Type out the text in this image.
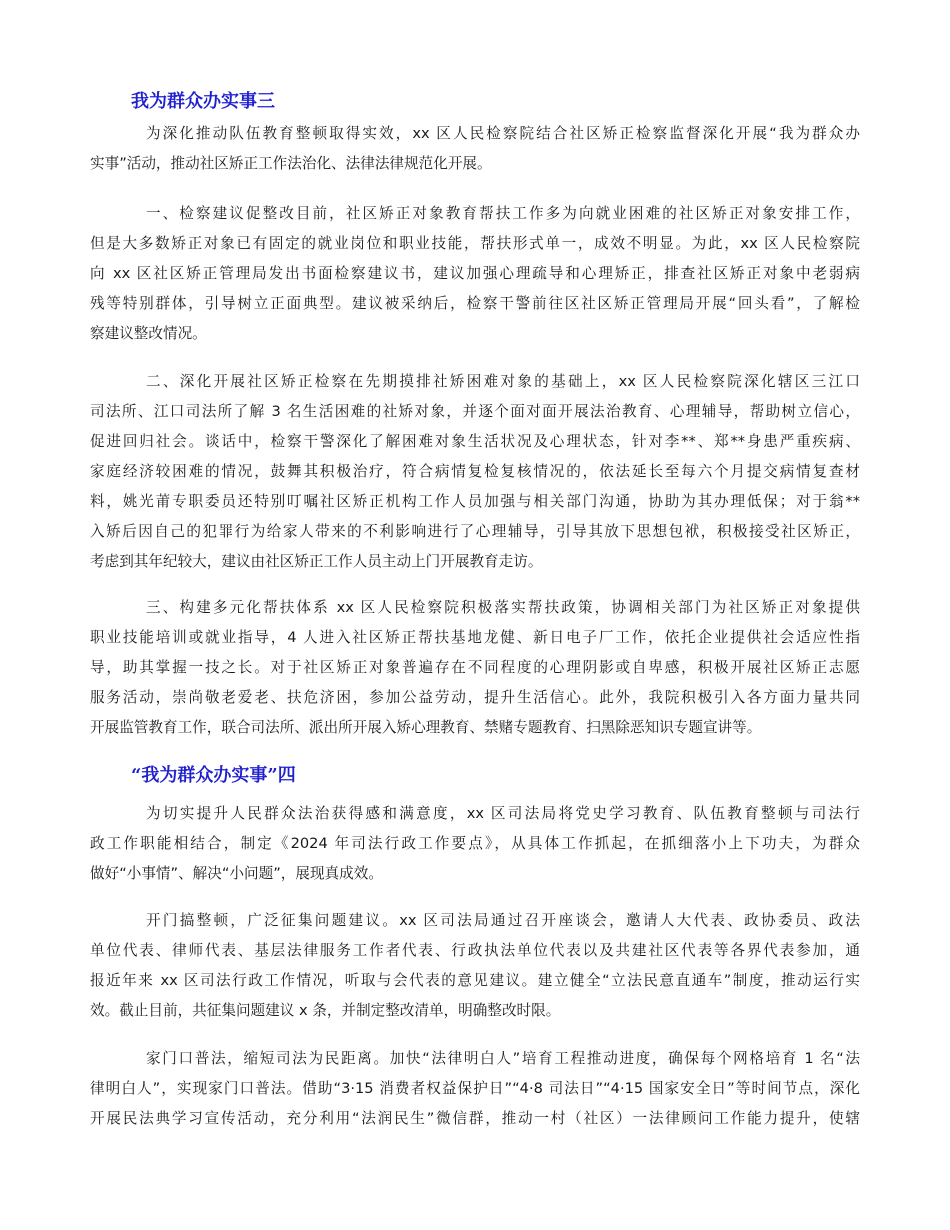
我为群众办实事三
为深化推动队伍教育整顿取得实效，xx 区人民检察院结合社区矫正检察监督深化开展“我为群众办
实事”活动，推动社区矫正工作法治化、法律法律规范化开展。
一、检察建议促整改目前，社区矫正对象教育帮扶工作多为向就业困难的社区矫正对象安排工作，
但是大多数矫正对象已有固定的就业岗位和职业技能，帮扶形式单一，成效不明显。为此，xx 区人民检察院
向 xx 区社区矫正管理局发出书面检察建议书，建议加强心理疏导和心理矫正，排查社区矫正对象中老弱病
残等特别群体，引导树立正面典型。建议被采纳后，检察干警前往区社区矫正管理局开展“回头看”，了解检
察建议整改情况。
二、深化开展社区矫正检察在先期摸排社矫困难对象的基础上，xx 区人民检察院深化辖区三江口
司法所、江口司法所了解 3 名生活困难的社矫对象，并逐个面对面开展法治教育、心理辅导，帮助树立信心，
促进回归社会。谈话中，检察干警深化了解困难对象生活状况及心理状态，针对李**、郑**身患严重疾病、
家庭经济较困难的情况，鼓舞其积极治疗，符合病情复检复核情况的，依法延长至每六个月提交病情复查材
料，姚光莆专职委员还特别叮嘱社区矫正机构工作人员加强与相关部门沟通，协助为其办理低保；对于翁**
入矫后因自己的犯罪行为给家人带来的不利影响进行了心理辅导，引导其放下思想包袱，积极接受社区矫正，
考虑到其年纪较大，建议由社区矫正工作人员主动上门开展教育走访。
三、构建多元化帮扶体系 xx 区人民检察院积极落实帮扶政策，协调相关部门为社区矫正对象提供
职业技能培训或就业指导，4 人进入社区矫正帮扶基地龙健、新日电子厂工作，依托企业提供社会适应性指
导，助其掌握一技之长。对于社区矫正对象普遍存在不同程度的心理阴影或自卑感，积极开展社区矫正志愿
服务活动，崇尚敬老爱老、扶危济困，参加公益劳动，提升生活信心。此外，我院积极引入各方面力量共同
开展监管教育工作，联合司法所、派出所开展入矫心理教育、禁赌专题教育、扫黑除恶知识专题宣讲等。
“我为群众办实事”四
为切实提升人民群众法治获得感和满意度，xx 区司法局将党史学习教育、队伍教育整顿与司法行
政工作职能相结合，制定《2024 年司法行政工作要点》，从具体工作抓起，在抓细落小上下功夫，为群众
做好“小事情”、解决“小问题”，展现真成效。
开门搞整顿，广泛征集问题建议。xx 区司法局通过召开座谈会，邀请人大代表、政协委员、政法
单位代表、律师代表、基层法律服务工作者代表、行政执法单位代表以及共建社区代表等各界代表参加，通
报近年来 xx 区司法行政工作情况，听取与会代表的意见建议。建立健全“立法民意直通车”制度，推动运行实
效。截止目前，共征集问题建议 x 条，并制定整改清单，明确整改时限。
家门口普法，缩短司法为民距离。加快“法律明白人”培育工程推动进度，确保每个网格培育 1 名“法
律明白人”，实现家门口普法。借助“3·15 消费者权益保护日”“4·8 司法日”“4·15 国家安全日”等时间节点，深化
开展民法典学习宣传活动，充分利用“法润民生”微信群，推动一村（社区）一法律顾问工作能力提升，使辖
